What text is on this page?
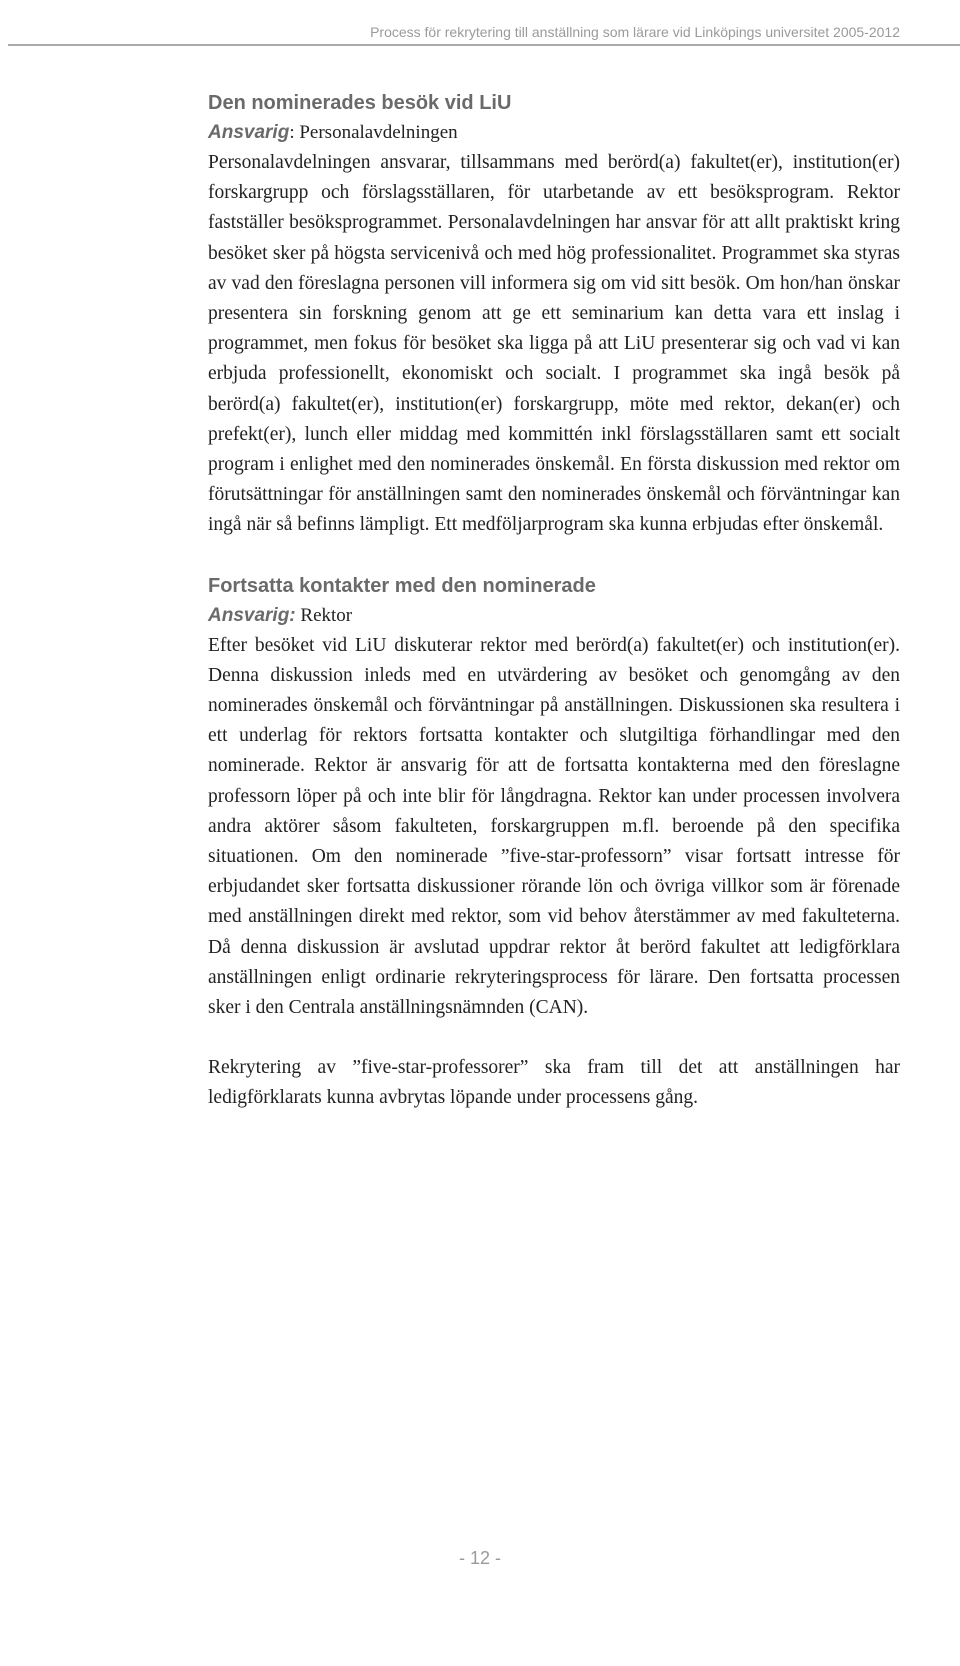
Process för rekrytering till anställning som lärare vid Linköpings universitet 2005-2012
Den nominerades besök vid LiU

Ansvarig: Personalavdelningen

Personalavdelningen ansvarar, tillsammans med berörd(a) fakultet(er), institution(er) forskargrupp och förslagsställaren, för utarbetande av ett besöksprogram. Rektor fastställer besöksprogrammet. Personalavdelningen har ansvar för att allt praktiskt kring besöket sker på högsta servicenivå och med hög professionalitet. Programmet ska styras av vad den föreslagna personen vill informera sig om vid sitt besök. Om hon/han önskar presentera sin forskning genom att ge ett seminarium kan detta vara ett inslag i programmet, men fokus för besöket ska ligga på att LiU presenterar sig och vad vi kan erbjuda professionellt, ekonomiskt och socialt. I programmet ska ingå besök på berörd(a) fakultet(er), institution(er) forskargrupp, möte med rektor, dekan(er) och prefekt(er), lunch eller middag med kommittén inkl förslagsställaren samt ett socialt program i enlighet med den nominerades önskemål. En första diskussion med rektor om förutsättningar för anställningen samt den nominerades önskemål och förväntningar kan ingå när så befinns lämpligt. Ett medföljarprogram ska kunna erbjudas efter önskemål.

Fortsatta kontakter med den nominerade

Ansvarig: Rektor

Efter besöket vid LiU diskuterar rektor med berörd(a) fakultet(er) och institution(er). Denna diskussion inleds med en utvärdering av besöket och genomgång av den nominerades önskemål och förväntningar på anställningen. Diskussionen ska resultera i ett underlag för rektors fortsatta kontakter och slutgiltiga förhandlingar med den nominerade. Rektor är ansvarig för att de fortsatta kontakterna med den föreslagne professorn löper på och inte blir för långdragna. Rektor kan under processen involvera andra aktörer såsom fakulteten, forskargruppen m.fl. beroende på den specifika situationen. Om den nominerade ”five-star-professorn” visar fortsatt intresse för erbjudandet sker fortsatta diskussioner rörande lön och övriga villkor som är förenade med anställningen direkt med rektor, som vid behov återstämmer av med fakulteterna. Då denna diskussion är avslutad uppdrar rektor åt berörd fakultet att ledigförklara anställningen enligt ordinarie rekryteringsprocess för lärare. Den fortsatta processen sker i den Centrala anställningsnämnden (CAN).

Rekrytering av ”five-star-professorer” ska fram till det att anställningen har ledigförklarats kunna avbrytas löpande under processens gång.

- 12 -
